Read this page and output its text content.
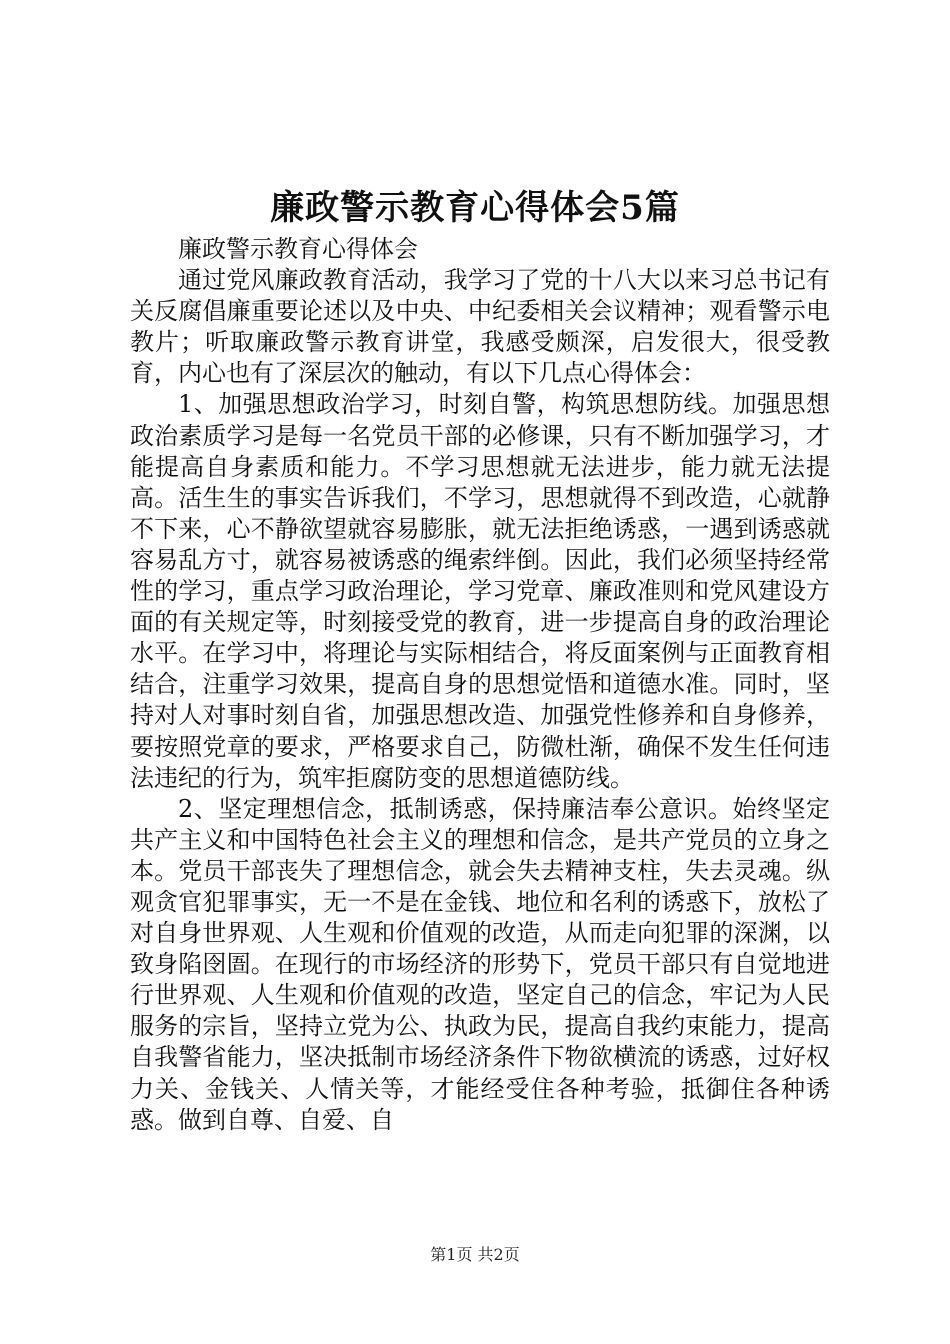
廉政警示教育心得体会5篇

廉政警示教育心得体会

通过党风廉政教育活动，我学习了党的十八大以来习总书记有关反腐倡廉重要论述以及中央、中纪委相关会议精神；观看警示电教片；听取廉政警示教育讲堂，我感受颇深，启发很大，很受教育，内心也有了深层次的触动，有以下几点心得体会：

1、加强思想政治学习，时刻自警，构筑思想防线。加强思想政治素质学习是每一名党员干部的必修课，只有不断加强学习，才能提高自身素质和能力。不学习思想就无法进步，能力就无法提高。活生生的事实告诉我们，不学习，思想就得不到改造，心就静不下来，心不静欲望就容易膨胀，就无法拒绝诱惑，一遇到诱惑就容易乱方寸，就容易被诱惑的绳索绊倒。因此，我们必须坚持经常性的学习，重点学习政治理论，学习党章、廉政准则和党风建设方面的有关规定等，时刻接受党的教育，进一步提高自身的政治理论水平。在学习中，将理论与实际相结合，将反面案例与正面教育相结合，注重学习效果，提高自身的思想觉悟和道德水准。同时，坚持对人对事时刻自省，加强思想改造、加强党性修养和自身修养，要按照党章的要求，严格要求自己，防微杜渐，确保不发生任何违法违纪的行为，筑牢拒腐防变的思想道德防线。

2、坚定理想信念，抵制诱惑，保持廉洁奉公意识。始终坚定共产主义和中国特色社会主义的理想和信念，是共产党员的立身之本。党员干部丧失了理想信念，就会失去精神支柱，失去灵魂。纵观贪官犯罪事实，无一不是在金钱、地位和名利的诱惑下，放松了对自身世界观、人生观和价值观的改造，从而走向犯罪的深渊，以致身陷囹圄。在现行的市场经济的形势下，党员干部只有自觉地进行世界观、人生观和价值观的改造，坚定自己的信念，牢记为人民服务的宗旨，坚持立党为公、执政为民，提高自我约束能力，提高自我警省能力，坚决抵制市场经济条件下物欲横流的诱惑，过好权力关、金钱关、人情关等，才能经受住各种考验，抵御住各种诱惑。做到自尊、自爱、自

第1页 共2页
